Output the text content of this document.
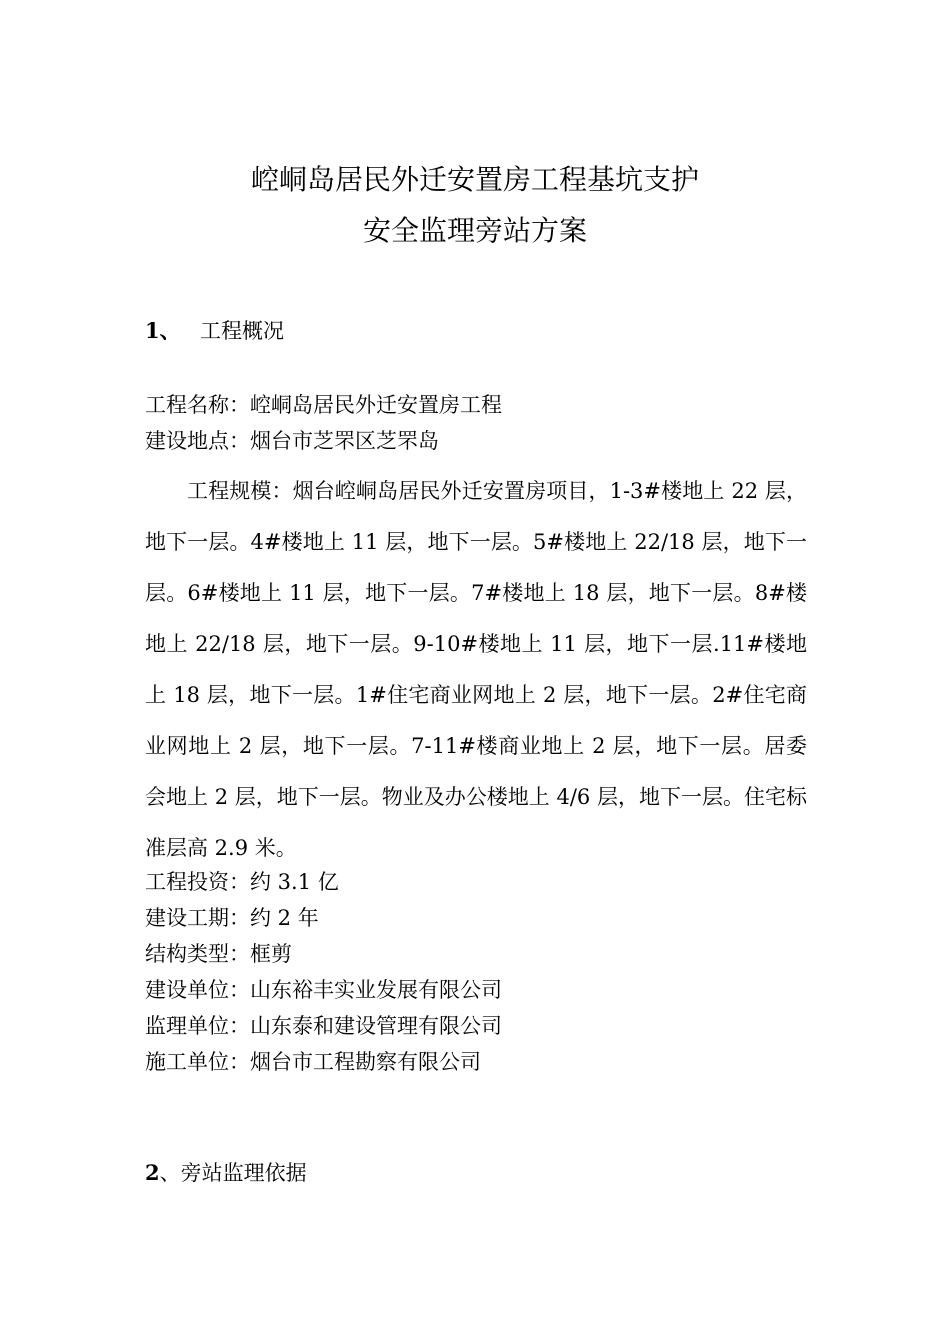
崆峒岛居民外迁安置房工程基坑支护
安全监理旁站方案
1、 工程概况
工程名称：崆峒岛居民外迁安置房工程
建设地点：烟台市芝罘区芝罘岛

工程规模：烟台崆峒岛居民外迁安置房项目，1-3#楼地上 22 层，地下一层。4#楼地上 11 层，地下一层。5#楼地上 22/18 层，地下一层。6#楼地上 11 层，地下一层。7#楼地上 18 层，地下一层。8#楼地上 22/18 层，地下一层。9-10#楼地上 11 层，地下一层.11#楼地上 18 层，地下一层。1#住宅商业网地上 2 层，地下一层。2#住宅商业网地上 2 层，地下一层。7-11#楼商业地上 2 层，地下一层。居委会地上 2 层，地下一层。物业及办公楼地上 4/6 层，地下一层。住宅标准层高 2.9 米。

工程投资：约 3.1 亿
建设工期：约 2 年
结构类型：框剪
建设单位：山东裕丰实业发展有限公司
监理单位：山东泰和建设管理有限公司
施工单位：烟台市工程勘察有限公司
2、旁站监理依据
